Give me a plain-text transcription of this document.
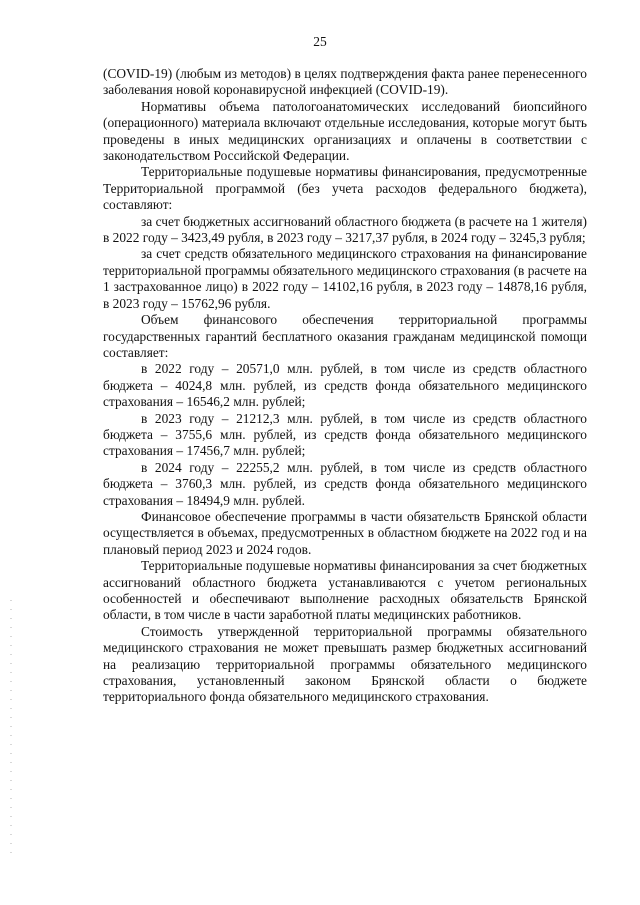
25

(COVID-19) (любым из методов) в целях подтверждения факта ранее перенесенного заболевания новой коронавирусной инфекцией (COVID-19).

Нормативы объема патологоанатомических исследований биопсийного (операционного) материала включают отдельные исследования, которые могут быть проведены в иных медицинских организациях и оплачены в соответствии с законодательством Российской Федерации.

Территориальные подушевые нормативы финансирования, предусмотренные Территориальной программой (без учета расходов федерального бюджета), составляют:

за счет бюджетных ассигнований областного бюджета (в расчете на 1 жителя) в 2022 году – 3423,49 рубля, в 2023 году – 3217,37 рубля, в 2024 году – 3245,3 рубля;

за счет средств обязательного медицинского страхования на финансирование территориальной программы обязательного медицинского страхования (в расчете на 1 застрахованное лицо) в 2022 году – 14102,16 рубля, в 2023 году – 14878,16 рубля, в 2023 году – 15762,96 рубля.

Объем финансового обеспечения территориальной программы государственных гарантий бесплатного оказания гражданам медицинской помощи составляет:

в 2022 году – 20571,0 млн. рублей, в том числе из средств областного бюджета – 4024,8 млн. рублей, из средств фонда обязательного медицинского страхования – 16546,2 млн. рублей;

в 2023 году – 21212,3 млн. рублей, в том числе из средств областного бюджета – 3755,6 млн. рублей, из средств фонда обязательного медицинского страхования – 17456,7 млн. рублей;

в 2024 году – 22255,2 млн. рублей, в том числе из средств областного бюджета – 3760,3 млн. рублей, из средств фонда обязательного медицинского страхования – 18494,9 млн. рублей.

Финансовое обеспечение программы в части обязательств Брянской области осуществляется в объемах, предусмотренных в областном бюджете на 2022 год и на плановый период 2023 и 2024 годов.

Территориальные подушевые нормативы финансирования за счет бюджетных ассигнований областного бюджета устанавливаются с учетом региональных особенностей и обеспечивают выполнение расходных обязательств Брянской области, в том числе в части заработной платы медицинских работников.

Стоимость утвержденной территориальной программы обязательного медицинского страхования не может превышать размер бюджетных ассигнований на реализацию территориальной программы обязательного медицинского страхования, установленный законом Брянской области о бюджете территориального фонда обязательного медицинского страхования.
